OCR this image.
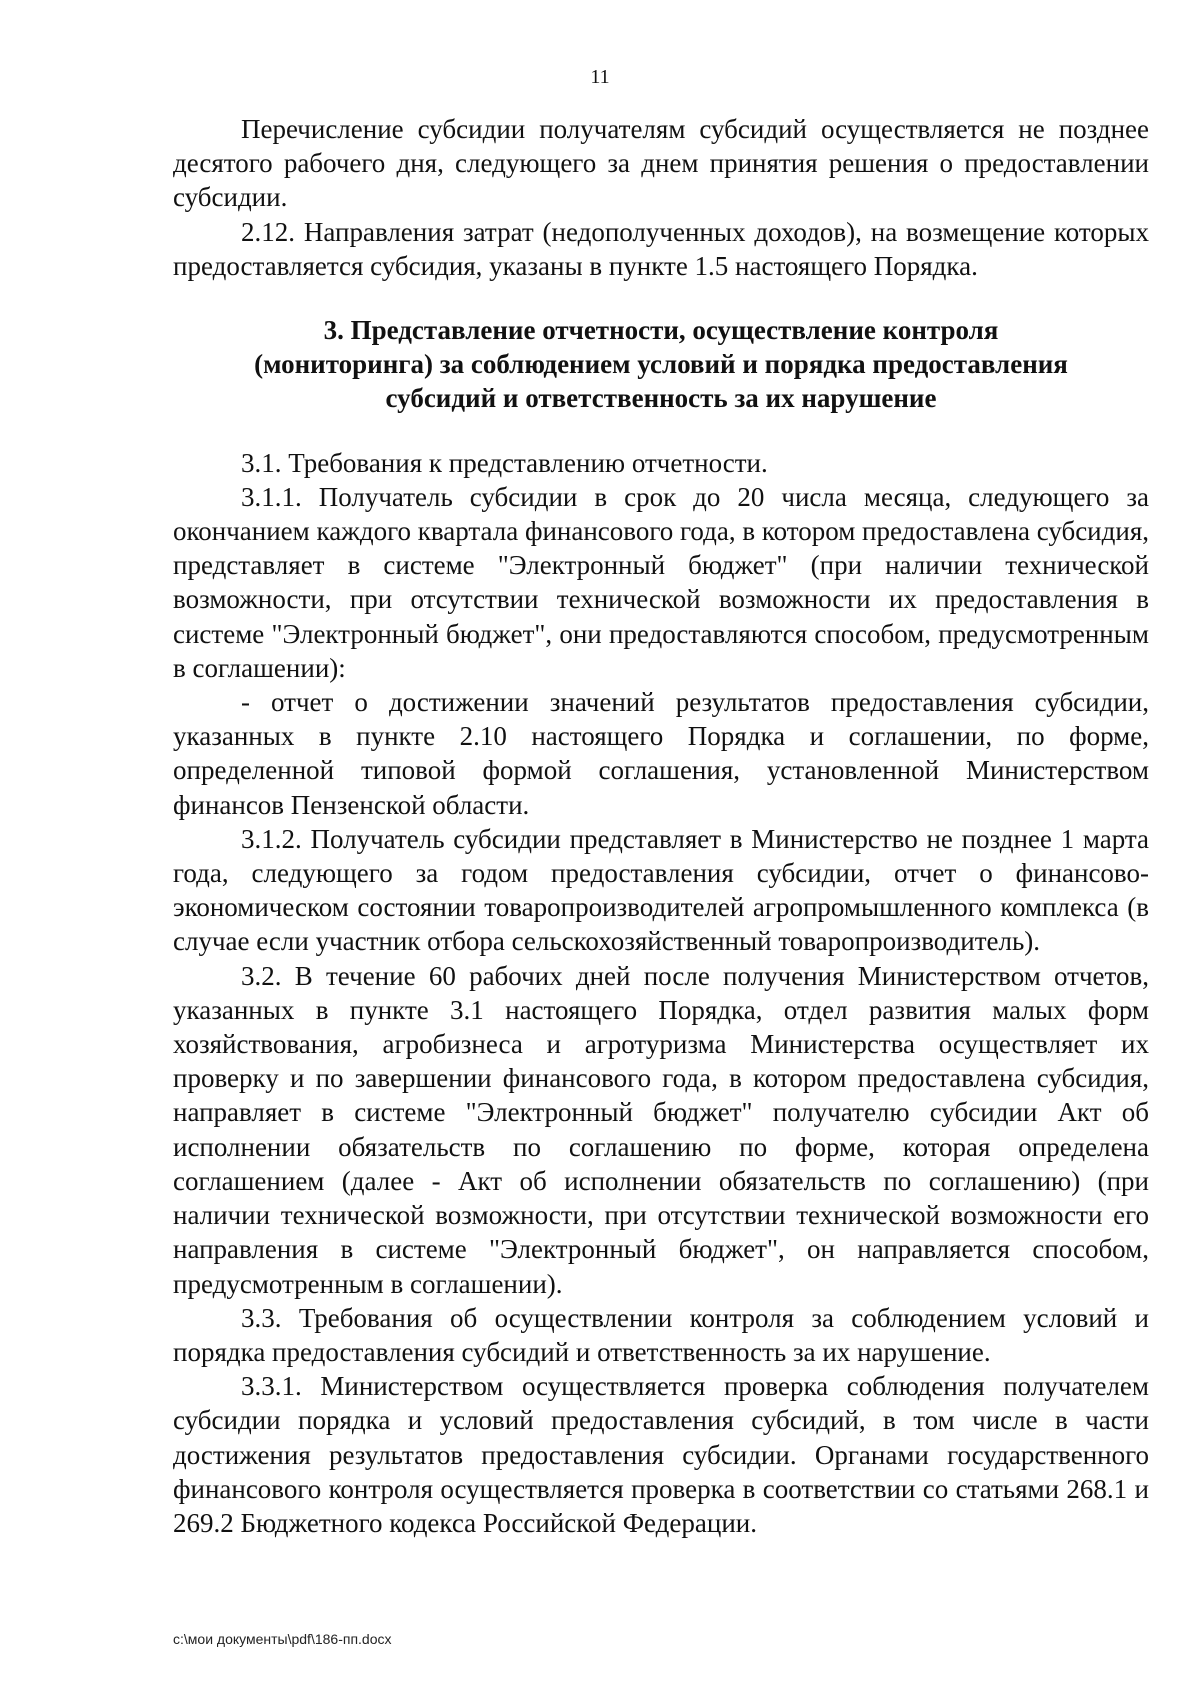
11

Перечисление субсидии получателям субсидий осуществляется не позднее десятого рабочего дня, следующего за днем принятия решения о предоставлении субсидии.

2.12. Направления затрат (недополученных доходов), на возмещение которых предоставляется субсидия, указаны в пункте 1.5 настоящего Порядка.

3. Представление отчетности, осуществление контроля
(мониторинга) за соблюдением условий и порядка предоставления
субсидий и ответственность за их нарушение

3.1. Требования к представлению отчетности.

3.1.1. Получатель субсидии в срок до 20 числа месяца, следующего за окончанием каждого квартала финансового года, в котором предоставлена субсидия, представляет в системе "Электронный бюджет" (при наличии технической возможности, при отсутствии технической возможности их предоставления в системе "Электронный бюджет", они предоставляются способом, предусмотренным в соглашении):

- отчет о достижении значений результатов предоставления субсидии, указанных в пункте 2.10 настоящего Порядка и соглашении, по форме, определенной типовой формой соглашения, установленной Министерством финансов Пензенской области.

3.1.2. Получатель субсидии представляет в Министерство не позднее 1 марта года, следующего за годом предоставления субсидии, отчет о финансово-экономическом состоянии товаропроизводителей агропромышленного комплекса (в случае если участник отбора сельскохозяйственный товаропроизводитель).

3.2. В течение 60 рабочих дней после получения Министерством отчетов, указанных в пункте 3.1 настоящего Порядка, отдел развития малых форм хозяйствования, агробизнеса и агротуризма Министерства осуществляет их проверку и по завершении финансового года, в котором предоставлена субсидия, направляет в системе "Электронный бюджет" получателю субсидии Акт об исполнении обязательств по соглашению по форме, которая определена соглашением (далее - Акт об исполнении обязательств по соглашению) (при наличии технической возможности, при отсутствии технической возможности его направления в системе "Электронный бюджет", он направляется способом, предусмотренным в соглашении).

3.3. Требования об осуществлении контроля за соблюдением условий и порядка предоставления субсидий и ответственность за их нарушение.

3.3.1. Министерством осуществляется проверка соблюдения получателем субсидии порядка и условий предоставления субсидий, в том числе в части достижения результатов предоставления субсидии. Органами государственного финансового контроля осуществляется проверка в соответствии со статьями 268.1 и 269.2 Бюджетного кодекса Российской Федерации.

c:\мои документы\pdf\186-пп.docx
